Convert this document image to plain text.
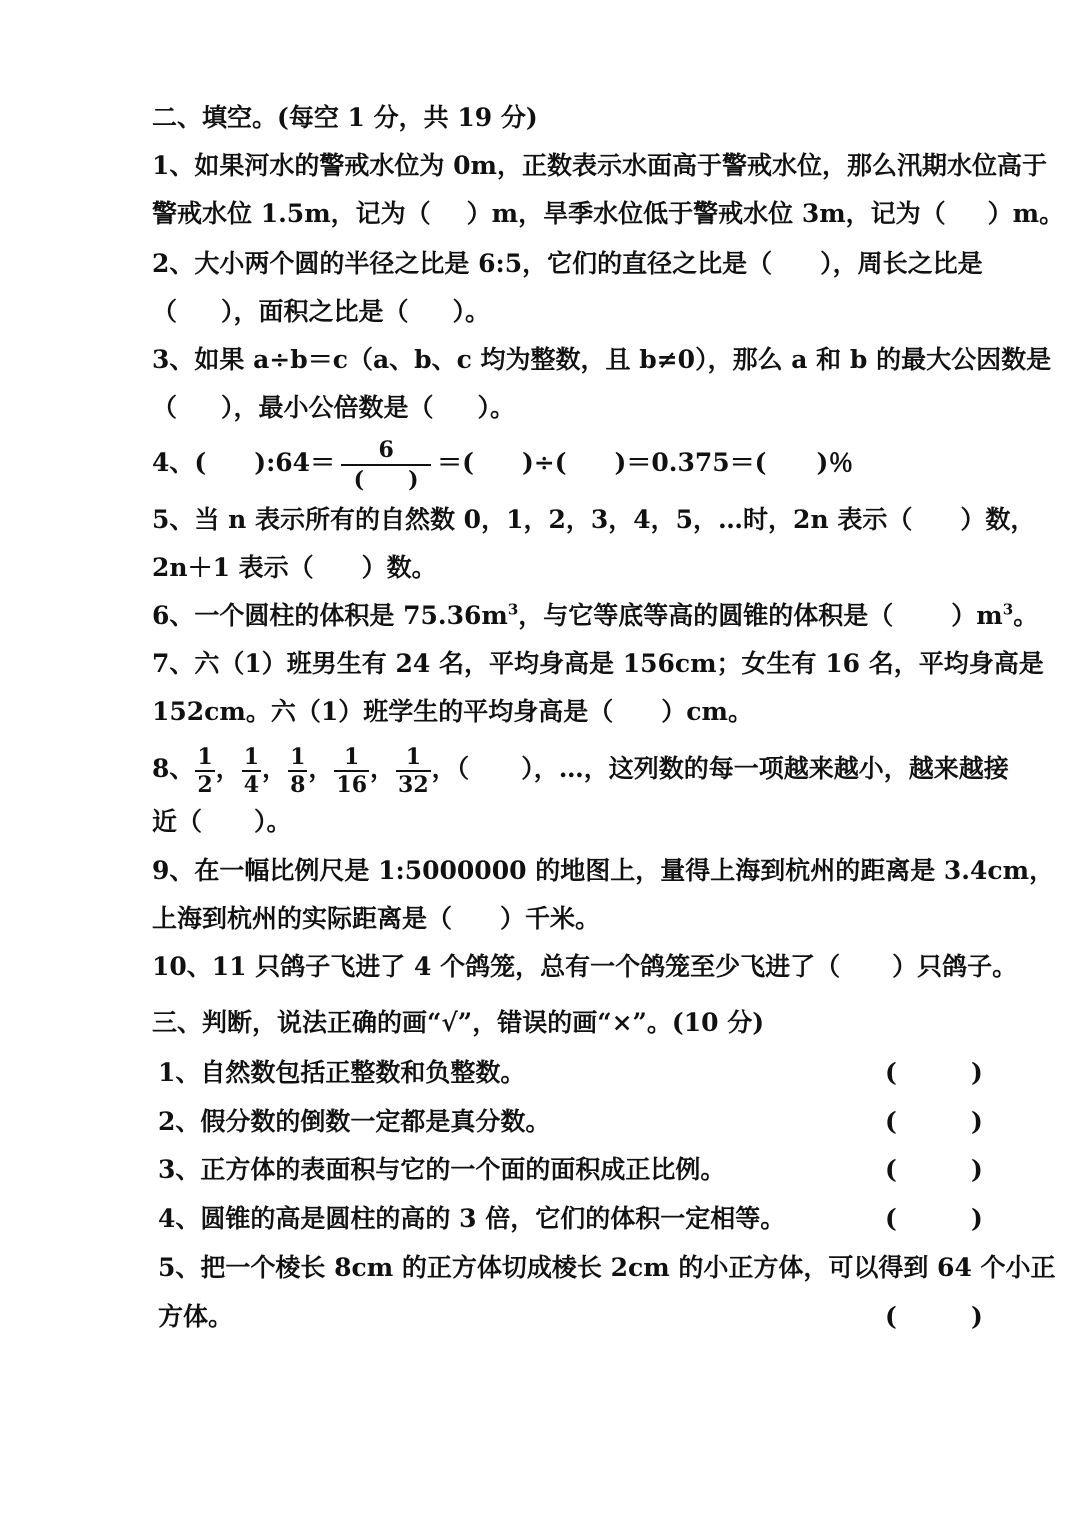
二、填空。(每空 1 分，共 19 分)
1、如果河水的警戒水位为 0m，正数表示水面高于警戒水位，那么汛期水位高于
警戒水位 1.5m，记为（ ）m，旱季水位低于警戒水位 3m，记为（ ）m。
2、大小两个圆的半径之比是 6:5，它们的直径之比是（ ），周长之比是
（ ），面积之比是（ ）。
3、如果 a÷b＝c（a、b、c 均为整数，且 b≠0），那么 a 和 b 的最大公因数是
（ ），最小公倍数是（ ）。
4、( ):64＝ $\frac{6}{( )}$ ＝( )÷( )＝0.375＝( )％
5、当 n 表示所有的自然数 0，1，2，3，4，5，…时，2n 表示（ ）数，
2n＋1 表示（ ）数。
6、一个圆柱的体积是 $75.36m^3$，与它等底等高的圆锥的体积是（ ）$m^3$。
7、六（1）班男生有 24 名，平均身高是 156cm；女生有 16 名，平均身高是
152cm。六（1）班学生的平均身高是（ ）cm。
8、 $\frac{1}{2}$ ， $\frac{1}{4}$ ， $\frac{1}{8}$ ， $\frac{1}{16}$ ， $\frac{1}{32}$ ，（ ），…，这列数的每一项越来越小，越来越接
近（ ）。
9、在一幅比例尺是 1:5000000 的地图上，量得上海到杭州的距离是 3.4cm，
上海到杭州的实际距离是（ ）千米。
10、11 只鸽子飞进了 4 个鸽笼，总有一个鸽笼至少飞进了（ ）只鸽子。
三、判断，说法正确的画“√”，错误的画“×”。(10 分)
1、自然数包括正整数和负整数。	(	)
2、假分数的倒数一定都是真分数。	(	)
3、正方体的表面积与它的一个面的面积成正比例。	(	)
4、圆锥的高是圆柱的高的 3 倍，它们的体积一定相等。	(	)
5、把一个棱长 8cm 的正方体切成棱长 2cm 的小正方体，可以得到 64 个小正
方体。	(	)
